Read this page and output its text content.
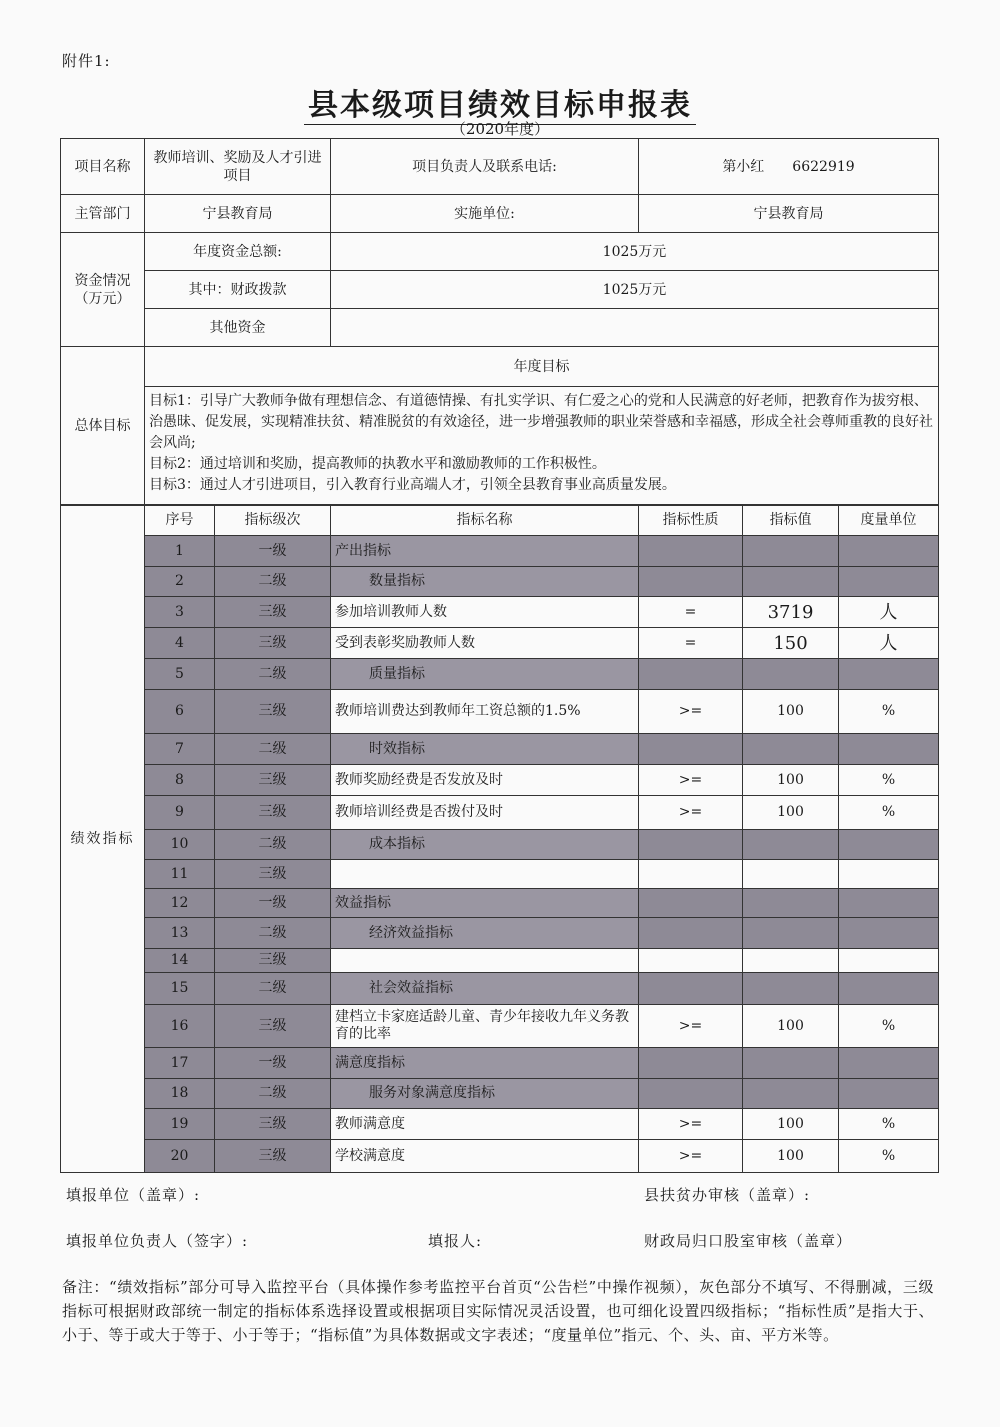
附件1:
县本级项目绩效目标申报表
（2020年度）
项目名称	教师培训、奖励及人才引进项目	项目负责人及联系电话:	第小红　　6622919
主管部门	宁县教育局	实施单位:	宁县教育局
资金情况（万元）	年度资金总额:	1025万元	
	其中：财政拨款	1025万元	
	其他资金		
总体目标	年度目标		

	目标1：引导广大教师争做有理想信念、有道德情操、有扎实学识、有仁爱之心的党和人民满意的好老师，把教育作为拔穷根、治愚昧、促发展，实现精准扶贫、精准脱贫的有效途径，进一步增强教师的职业荣誉感和幸福感，形成全社会尊师重教的良好社会风尚;
目标2：通过培训和奖励，提高教师的执教水平和激励教师的工作积极性。
目标3：通过人才引进项目，引入教育行业高端人才，引领全县教育事业高质量发展。		
绩效指标	序号	指标级次	指标名称	指标性质	指标值	度量单位
	1	一级	产出指标			
	2	二级	数量指标			
	3	三级	参加培训教师人数	=	3719	人
	4	三级	受到表彰奖励教师人数	=	150	人
	5	二级	质量指标			
	6	三级	教师培训费达到教师年工资总额的1.5%	>=	100	%
	7	二级	时效指标			
	8	三级	教师奖励经费是否发放及时	>=	100	%
	9	三级	教师培训经费是否拨付及时	>=	100	%
	10	二级	成本指标			
	11	三级				
	12	一级	效益指标			
	13	二级	经济效益指标			
	14	三级				
	15	二级	社会效益指标			
	16	三级	建档立卡家庭适龄儿童、青少年接收九年义务教育的比率	>=	100	%
	17	一级	满意度指标			
	18	二级	服务对象满意度指标			
	19	三级	教师满意度	>=	100	%
	20	三级	学校满意度	>=	100	%
填报单位（盖章）:	县扶贫办审核（盖章）:
填报单位负责人（签字）:	填报人:	财政局归口股室审核（盖章）
备注：“绩效指标”部分可导入监控平台（具体操作参考监控平台首页“公告栏”中操作视频），灰色部分不填写、不得删减，三级指标可根据财政部统一制定的指标体系选择设置或根据项目实际情况灵活设置，也可细化设置四级指标；“指标性质”是指大于、小于、等于或大于等于、小于等于；“指标值”为具体数据或文字表述；“度量单位”指元、个、头、亩、平方米等。
